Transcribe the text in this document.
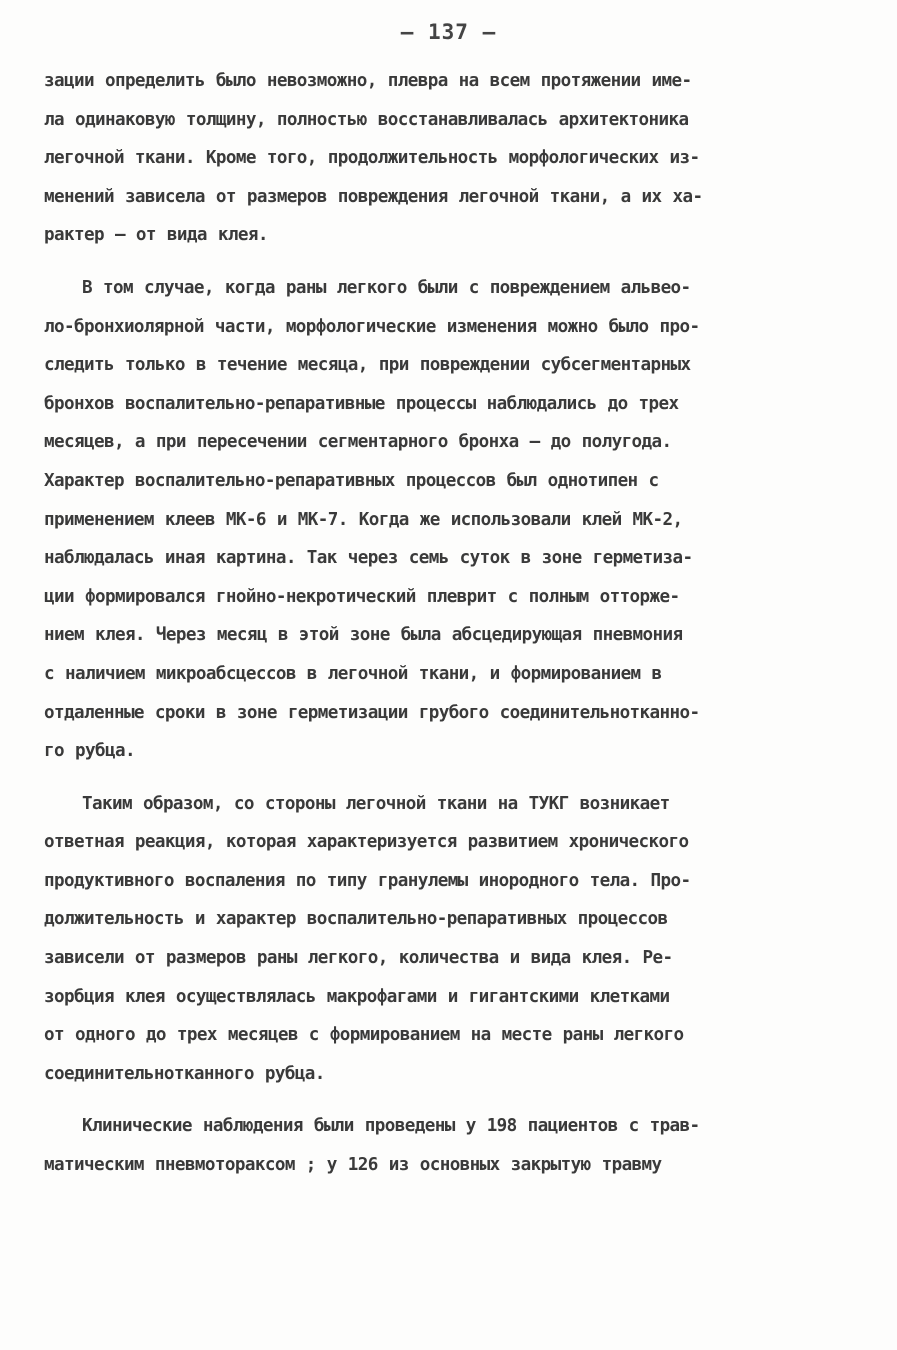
– 137 –
зации определить было невозможно, плевра на всем протяжении име-
ла одинаковую толщину, полностью восстанавливалась архитектоника
легочной ткани. Кроме того, продолжительность морфологических из-
менений зависела от размеров повреждения легочной ткани, а их ха-
рактер – от вида клея.
В том случае, когда раны легкого были с повреждением альвео-
ло-бронхиолярной части, морфологические изменения можно было про-
следить только в течение месяца, при повреждении субсегментарных
бронхов воспалительно-репаративные процессы наблюдались до трех
месяцев, а при пересечении сегментарного бронха – до полугода.
Характер воспалительно-репаративных процессов был однотипен с
применением клеев МК-6 и МК-7. Когда же использовали клей МК-2,
наблюдалась иная картина. Так через семь суток в зоне герметиза-
ции формировался гнойно-некротический плеврит с полным отторже-
нием клея. Через месяц в этой зоне была абсцедирующая пневмония
с наличием микроабсцессов в легочной ткани, и формированием в
отдаленные сроки в зоне герметизации грубого соединительнотканно-
го рубца.
Таким образом, со стороны легочной ткани на ТУКГ возникает
ответная реакция, которая характеризуется развитием хронического
продуктивного воспаления по типу гранулемы инородного тела. Про-
должительность и характер воспалительно-репаративных процессов
зависели от размеров раны легкого, количества и вида клея. Ре-
зорбция клея осуществлялась макрофагами и гигантскими клетками
от одного до трех месяцев с формированием на месте раны легкого
соединительнотканного рубца.
Клинические наблюдения были проведены у 198 пациентов с трав-
матическим пневмотораксом ; у 126 из основных закрытую травму
